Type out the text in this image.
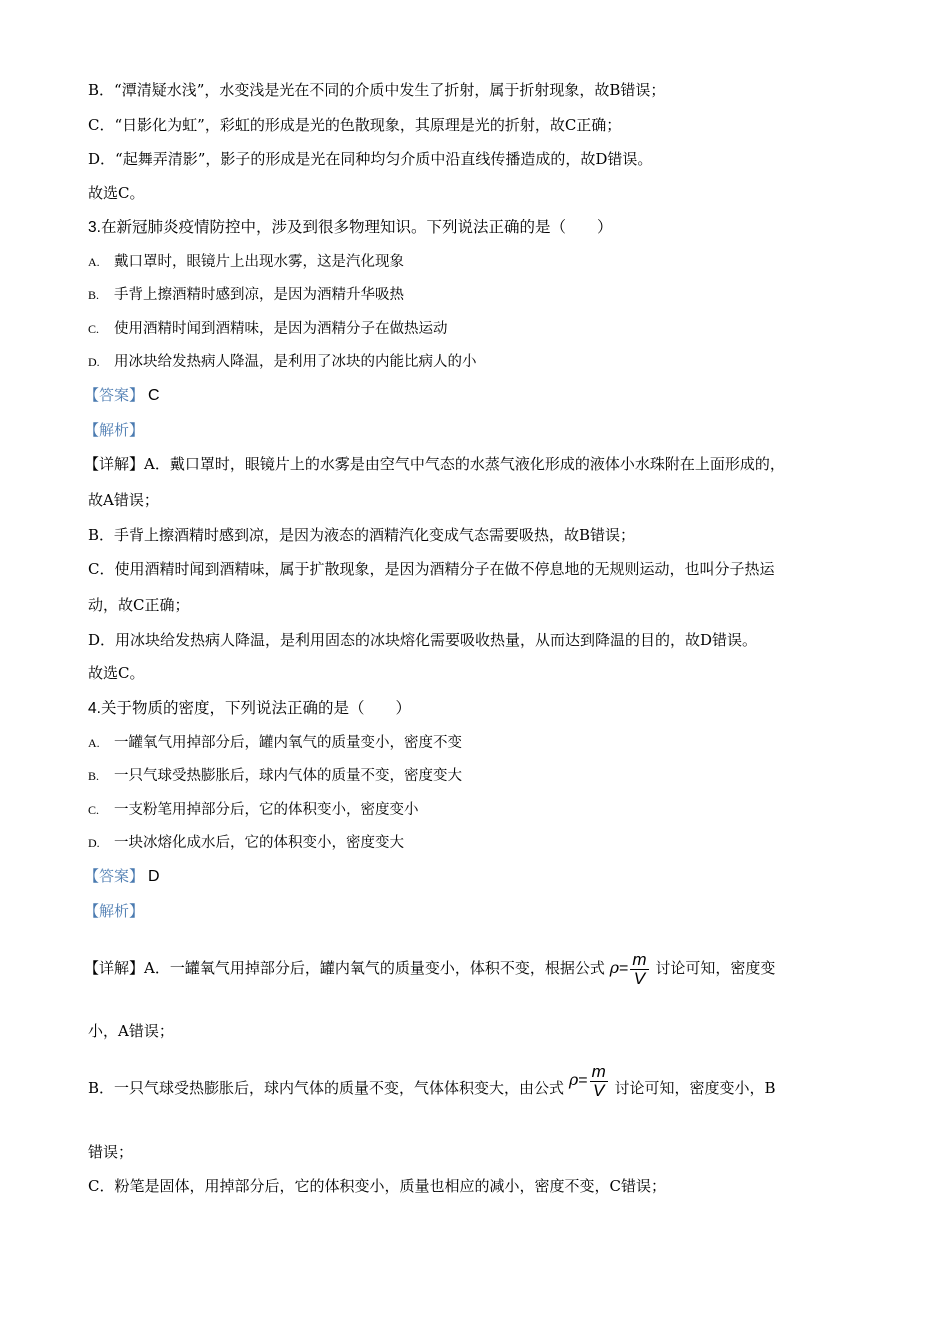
B．“潭清疑水浅”，水变浅是光在不同的介质中发生了折射，属于折射现象，故B错误；
C．“日影化为虹”，彩虹的形成是光的色散现象，其原理是光的折射，故C正确；
D．“起舞弄清影”，影子的形成是光在同种均匀介质中沿直线传播造成的，故D错误。
故选C。
3.在新冠肺炎疫情防控中，涉及到很多物理知识。下列说法正确的是（　　）
A. 戴口罩时，眼镜片上出现水雾，这是汽化现象
B. 手背上擦酒精时感到凉，是因为酒精升华吸热
C. 使用酒精时闻到酒精味，是因为酒精分子在做热运动
D. 用冰块给发热病人降温，是利用了冰块的内能比病人的小
【答案】 C
【解析】
【详解】A．戴口罩时，眼镜片上的水雾是由空气中气态的水蒸气液化形成的液体小水珠附在上面形成的，
故A错误；
B．手背上擦酒精时感到凉，是因为液态的酒精汽化变成气态需要吸热，故B错误；
C．使用酒精时闻到酒精味，属于扩散现象，是因为酒精分子在做不停息地的无规则运动，也叫分子热运
动，故C正确；
D．用冰块给发热病人降温，是利用固态的冰块熔化需要吸收热量，从而达到降温的目的，故D错误。
故选C。
4.关于物质的密度，下列说法正确的是（　　）
A. 一罐氧气用掉部分后，罐内氧气的质量变小，密度不变
B. 一只气球受热膨胀后，球内气体的质量不变，密度变大
C. 一支粉笔用掉部分后，它的体积变小，密度变小
D. 一块冰熔化成水后，它的体积变小，密度变大
【答案】 D
【解析】
【详解】A．一罐氧气用掉部分后，罐内氧气的质量变小，体积不变，根据公式 $\rho= \frac{m}{V}$ 讨论可知，密度变
小，A错误；
B．一只气球受热膨胀后，球内气体的质量不变，气体体积变大，由公式 $\rho= \frac{m}{V}$ 讨论可知，密度变小，B
错误；
C．粉笔是固体，用掉部分后，它的体积变小，质量也相应的减小，密度不变，C错误；
